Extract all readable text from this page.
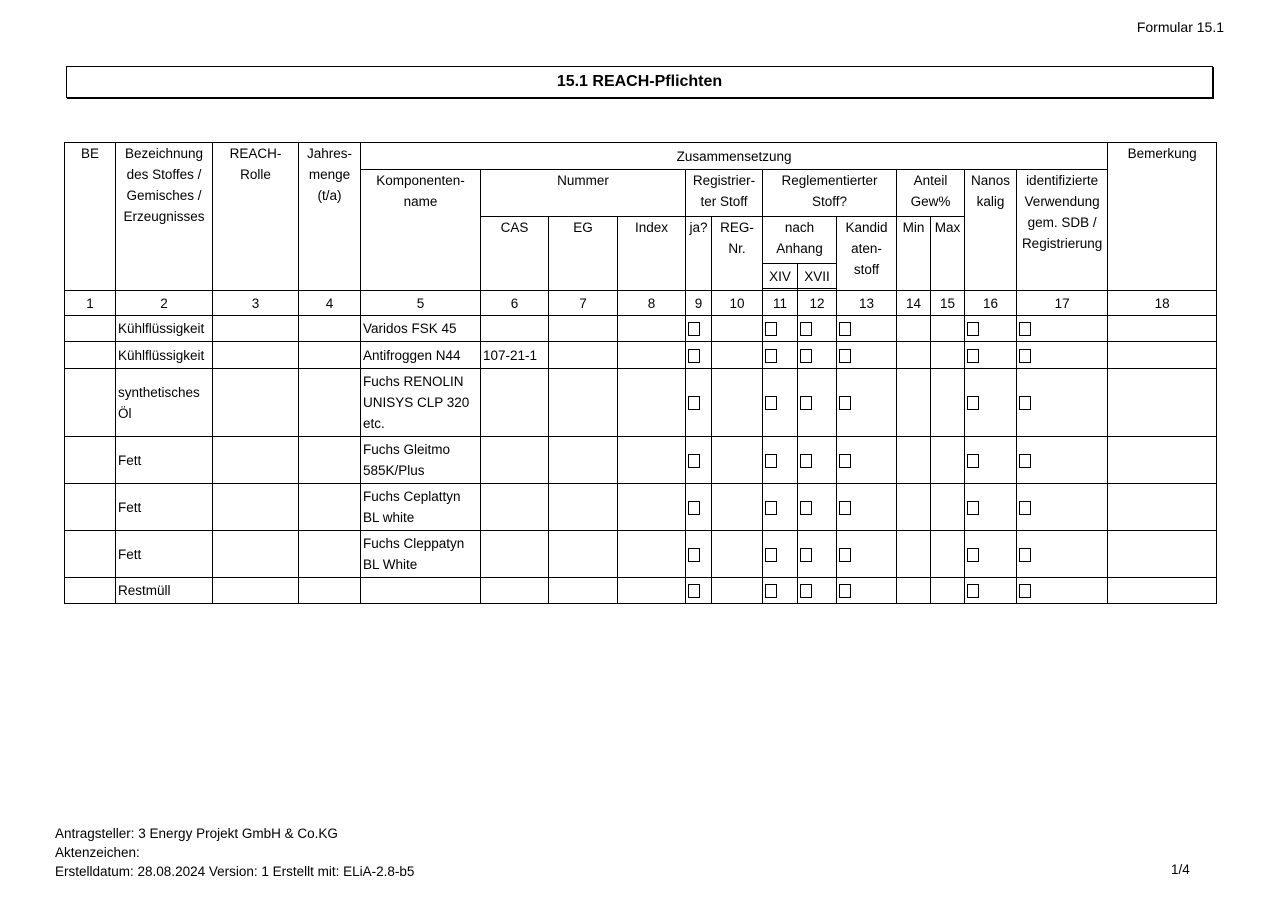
Formular 15.1
15.1 REACH-Pflichten
BE	Bezeichnung des Stoffes / Gemisches / Erzeugnisses	REACH-Rolle	Jahres-menge (t/a)	Zusammensetzung													Bemerkung
				Komponenten-name	Nummer			Registrier-ter Stoff		Reglementierter Stoff?			Anteil Gew%		Nanos kalig	identifizierte Verwendung gem. SDB / Registrierung	
					CAS	EG	Index	ja?	REG-Nr.	nach Anhang		Kandid aten-stoff	Min	Max			
										XIV	XVII						

1	2	3	4	5	6	7	8	9	10	11	12	13	14	15	16	17	18
	Kühlflüssigkeit			Varidos FSK 45													
	Kühlflüssigkeit			Antifroggen N44	107-21-1												
	synthetisches Öl			Fuchs RENOLIN UNISYS CLP 320 etc.													
	Fett			Fuchs Gleitmo 585K/Plus													
	Fett			Fuchs Ceplattyn BL white													
	Fett			Fuchs Cleppatyn BL White													
	Restmüll																
Antragsteller: 3 Energy Projekt GmbH & Co.KG
Aktenzeichen:
Erstelldatum: 28.08.2024 Version: 1 Erstellt mit: ELiA-2.8-b5	1/4
